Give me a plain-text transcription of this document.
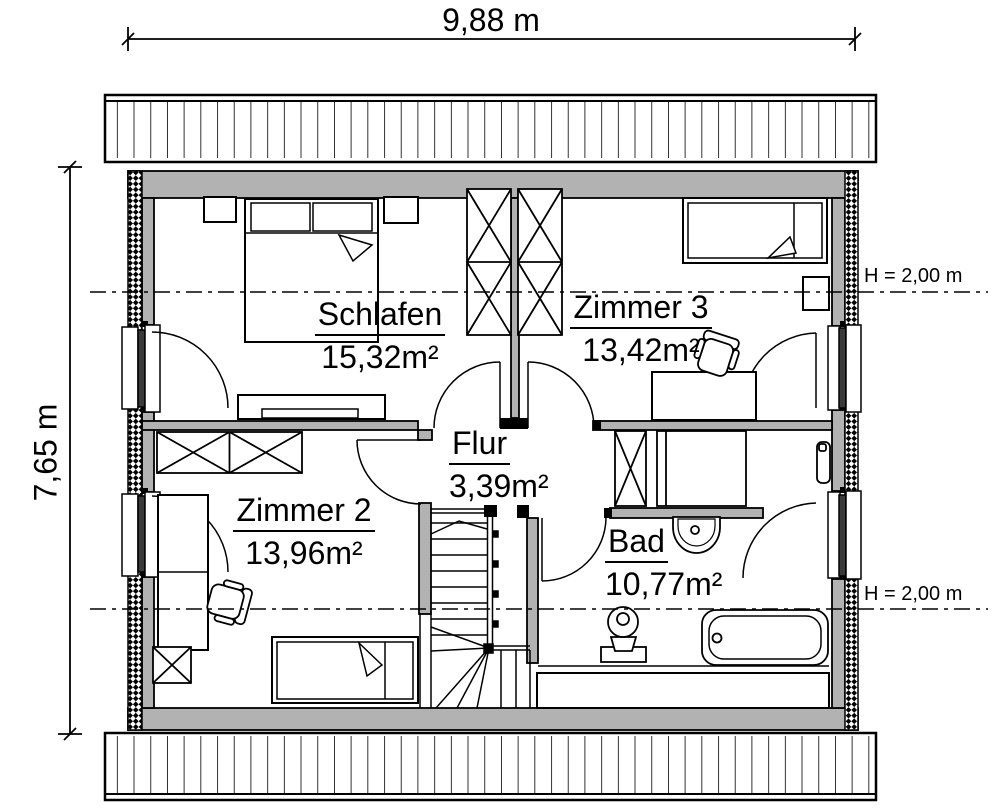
9,88 m
7,65 m
Schlafen
15,32m²
Zimmer 3
13,42m²
Zimmer 2
13,96m²
Flur
3,39m²
Bad
10,77m²
H = 2,00 m
H = 2,00 m
